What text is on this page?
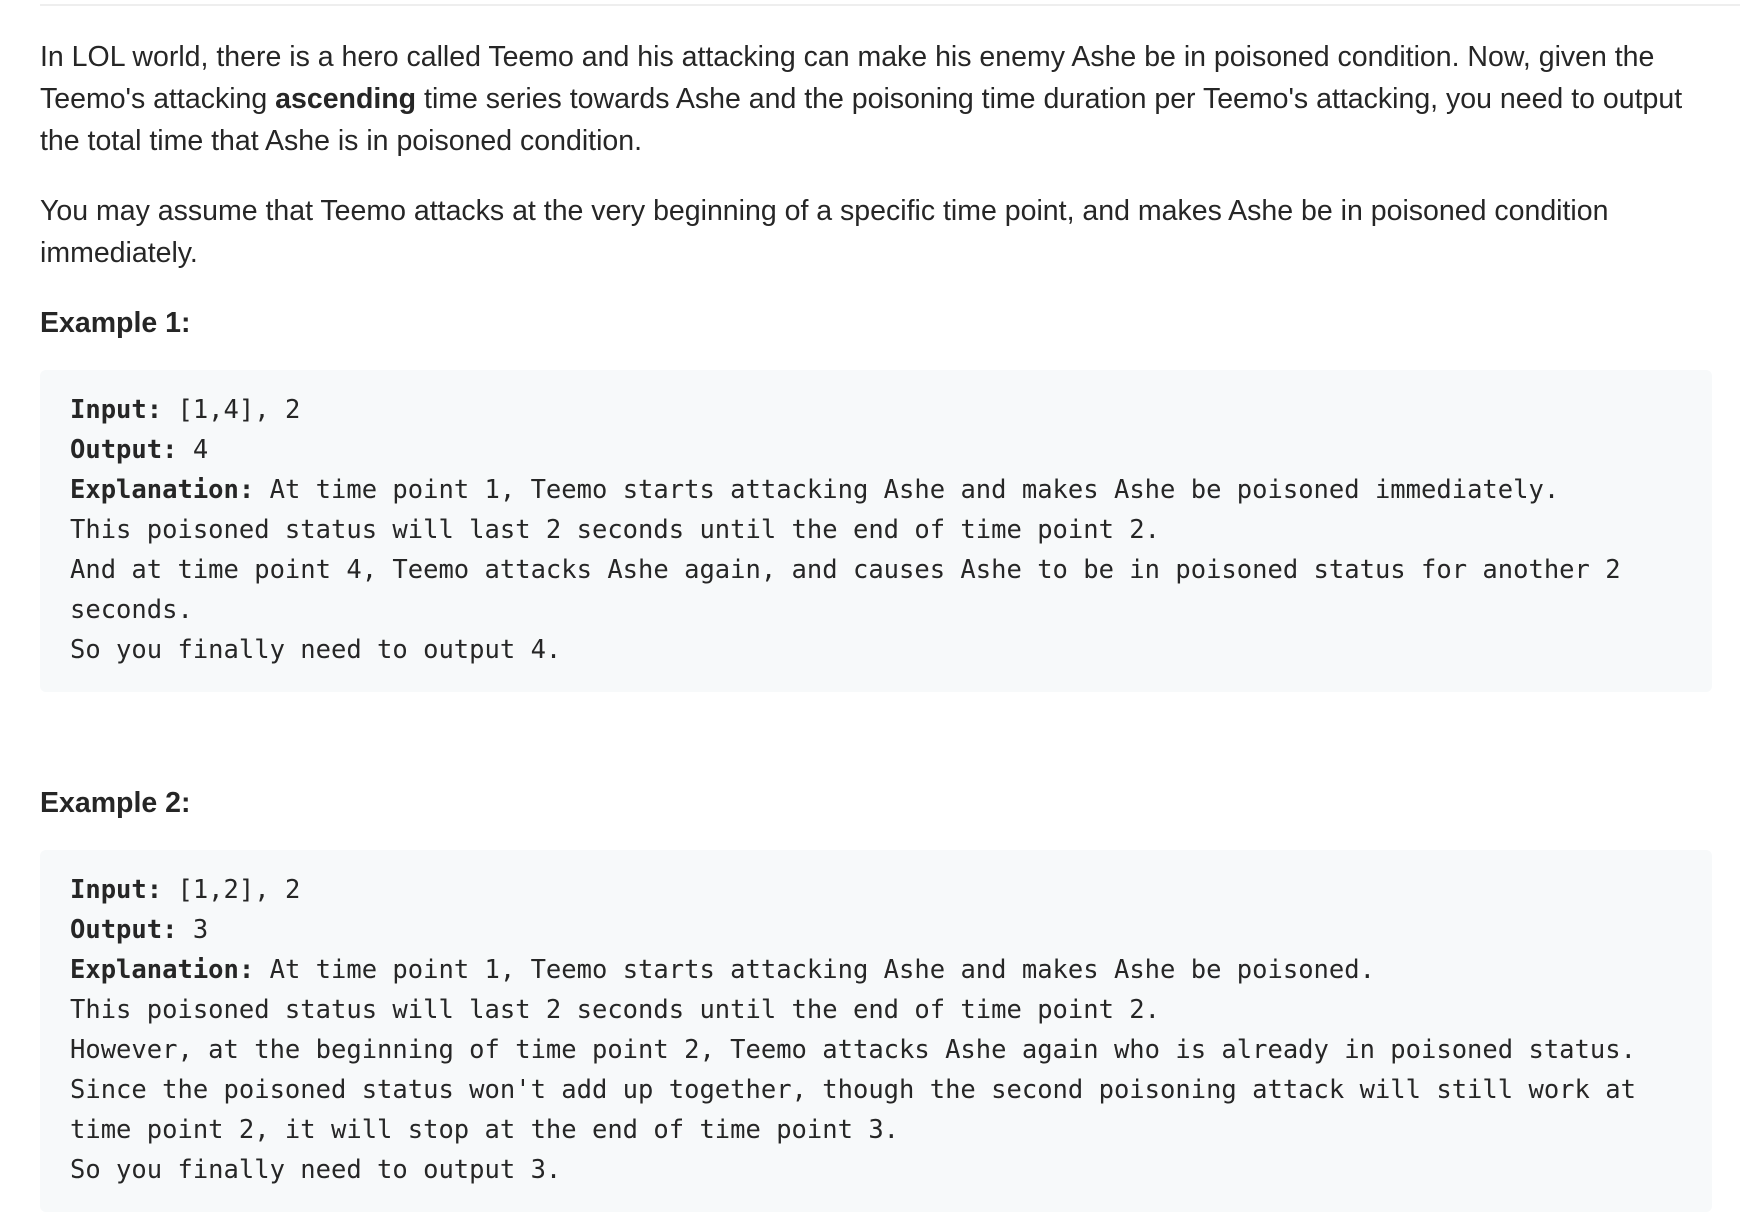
In LOL world, there is a hero called Teemo and his attacking can make his enemy Ashe be in poisoned condition. Now, given the Teemo's attacking ascending time series towards Ashe and the poisoning time duration per Teemo's attacking, you need to output the total time that Ashe is in poisoned condition.

You may assume that Teemo attacks at the very beginning of a specific time point, and makes Ashe be in poisoned condition immediately.

Example 1:

Input: [1,4], 2
Output: 4
Explanation: At time point 1, Teemo starts attacking Ashe and makes Ashe be poisoned immediately.
This poisoned status will last 2 seconds until the end of time point 2.
And at time point 4, Teemo attacks Ashe again, and causes Ashe to be in poisoned status for another 2 seconds.
So you finally need to output 4.

Example 2:

Input: [1,2], 2
Output: 3
Explanation: At time point 1, Teemo starts attacking Ashe and makes Ashe be poisoned.
This poisoned status will last 2 seconds until the end of time point 2.
However, at the beginning of time point 2, Teemo attacks Ashe again who is already in poisoned status.
Since the poisoned status won't add up together, though the second poisoning attack will still work at time point 2, it will stop at the end of time point 3.
So you finally need to output 3.
